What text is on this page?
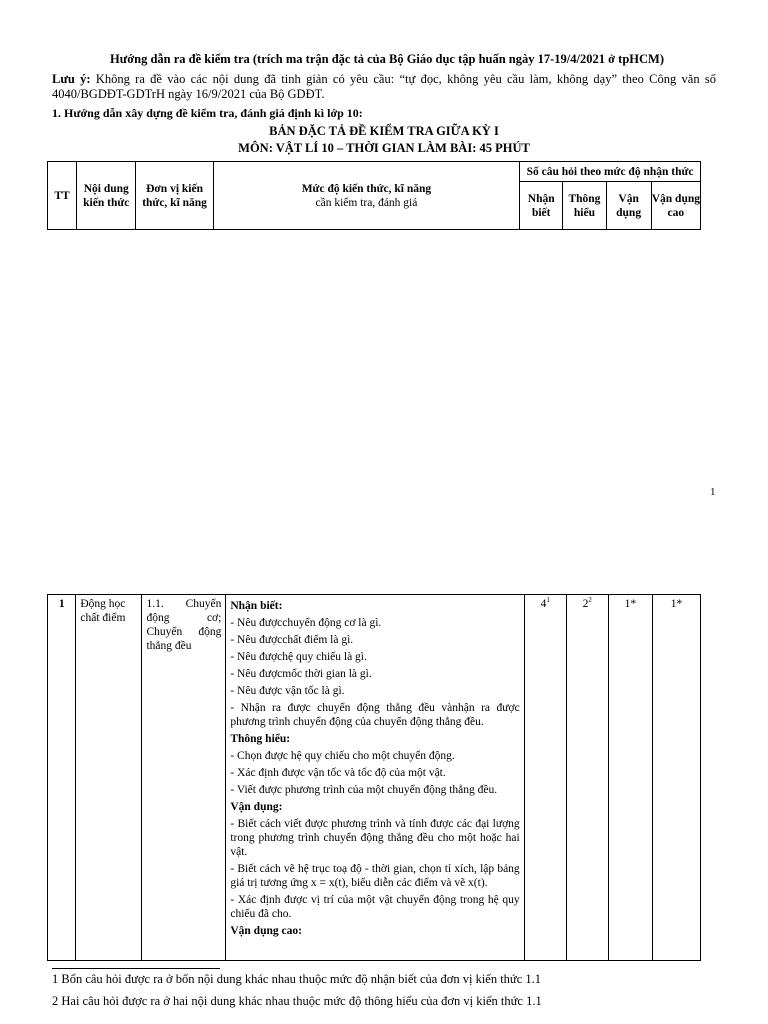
Hướng dẫn ra đề kiểm tra (trích ma trận đặc tả của Bộ Giáo dục tập huấn ngày 17-19/4/2021 ở tpHCM)
Lưu ý: Không ra đề vào các nội dung đã tinh giản có yêu cầu: “tự đọc, không yêu cầu làm, không dạy” theo Công văn số 4040/BGDĐT-GDTrH ngày 16/9/2021 của Bộ GDĐT.
1. Hướng dẫn xây dựng đề kiểm tra, đánh giá định kì lớp 10:
BẢN ĐẶC TẢ ĐỀ KIỂM TRA GIỮA KỲ I
MÔN: VẬT LÍ 10 – THỜI GIAN LÀM BÀI: 45 PHÚT
TT	Nội dung kiến thức	Đơn vị kiến thức, kĩ năng	Mức độ kiến thức, kĩ năng
cần kiểm tra, đánh giá	Số câu hỏi theo mức độ nhận thức			
				Nhận biết	Thông hiểu	Vận dụng	Vận dụng cao
1
1	Động học chất điểm	1.1. Chuyển động cơ; Chuyển động thẳng đều	
Nhận biết:
- Nêu đượcchuyển động cơ là gì.
- Nêu đượcchất điểm là gì.
- Nêu đượchệ quy chiếu là gì.
- Nêu đượcmốc thời gian là gì.
- Nêu được vận tốc là gì.
- Nhận ra được chuyển động thẳng đều vànhận ra được phương trình chuyển động của chuyển động thẳng đều.
Thông hiểu:
- Chọn được hệ quy chiếu cho một chuyển động.
- Xác định được vận tốc và tốc độ của một vật.
- Viết được phương trình của một chuyển động thẳng đều.
Vận dụng:
- Biết cách viết được phương trình và tính được các đại lượng trong phương trình chuyển động thẳng đều cho một hoặc hai vật.
- Biết cách vẽ hệ trục toạ độ - thời gian, chọn tỉ xích, lập bảng giá trị tương ứng x = x(t), biểu diễn các điểm và vẽ x(t).
- Xác định được vị trí của một vật chuyển động trong hệ quy chiếu đã cho.
Vận dụng cao:
	$4^1$	$2^2$	1*	1*
1 Bốn câu hỏi được ra ở bốn nội dung khác nhau thuộc mức độ nhận biết của đơn vị kiến thức 1.1
2 Hai câu hỏi được ra ở hai nội dung khác nhau thuộc mức độ thông hiểu của đơn vị kiến thức 1.1
